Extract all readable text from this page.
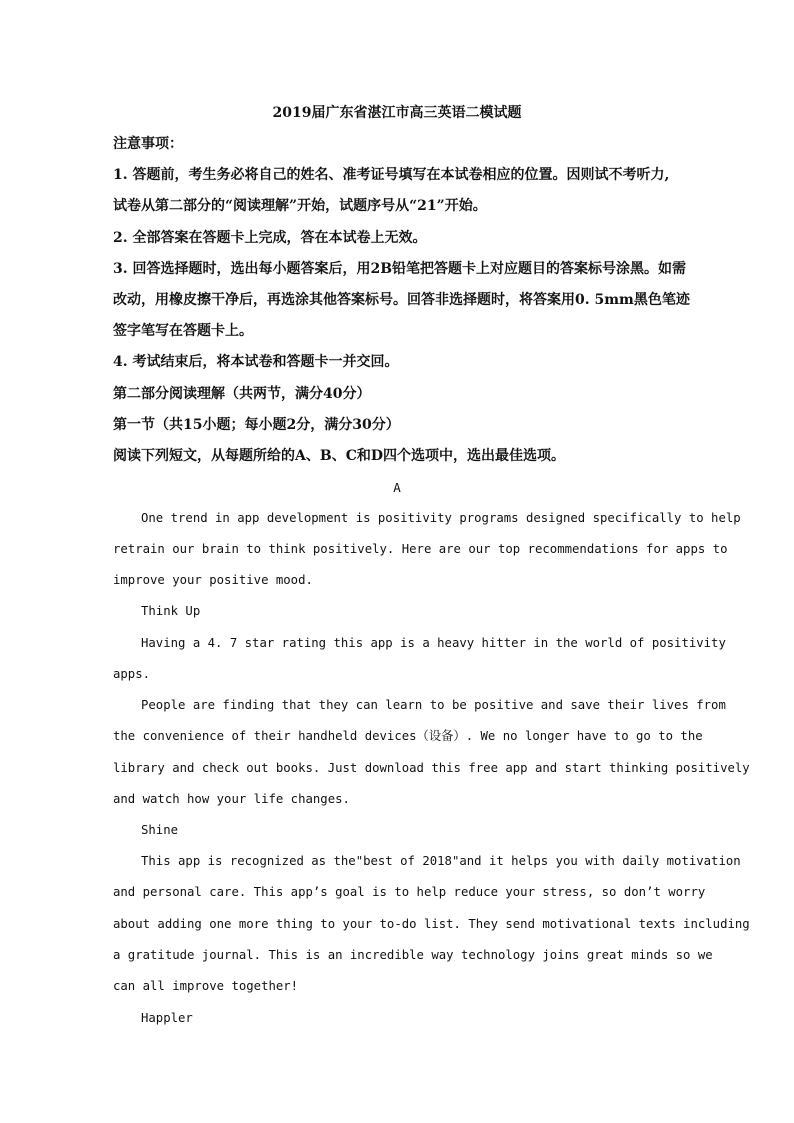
2019届广东省湛江市高三英语二模试题
注意事项：
1. 答题前，考生务必将自己的姓名、准考证号填写在本试卷相应的位置。因则试不考听力,
试卷从第二部分的“阅读理解”开始，试题序号从“21”开始。
2. 全部答案在答题卡上完成，答在本试卷上无效。
3. 回答选择题时，选出每小题答案后，用2B铅笔把答题卡上对应题目的答案标号涂黑。如需
改动，用橡皮擦干净后，再选涂其他答案标号。回答非选择题时，将答案用0. 5mm黑色笔迹
签字笔写在答题卡上。
4. 考试结束后，将本试卷和答题卡一并交回。
第二部分阅读理解（共两节，满分40分）
第一节（共15小题；每小题2分，满分30分）
阅读下列短文，从每题所给的A、B、C和D四个选项中，选出最佳选项。
A
One trend in app development is positivity programs designed specifically to help
retrain our brain to think positively. Here are our top recommendations for apps to
improve your positive mood.
Think Up
Having a 4. 7 star rating this app is a heavy hitter in the world of positivity
apps.
People are finding that they can learn to be positive and save their lives from
the convenience of their handheld devices（设备）. We no longer have to go to the
library and check out books. Just download this free app and start thinking positively
and watch how your life changes.
Shine
This app is recognized as the"best of 2018"and it helps you with daily motivation
and personal care. This app’s goal is to help reduce your stress, so don’t worry
about adding one more thing to your to-do list. They send motivational texts including
a gratitude journal. This is an incredible way technology joins great minds so we
can all improve together!
Happler
